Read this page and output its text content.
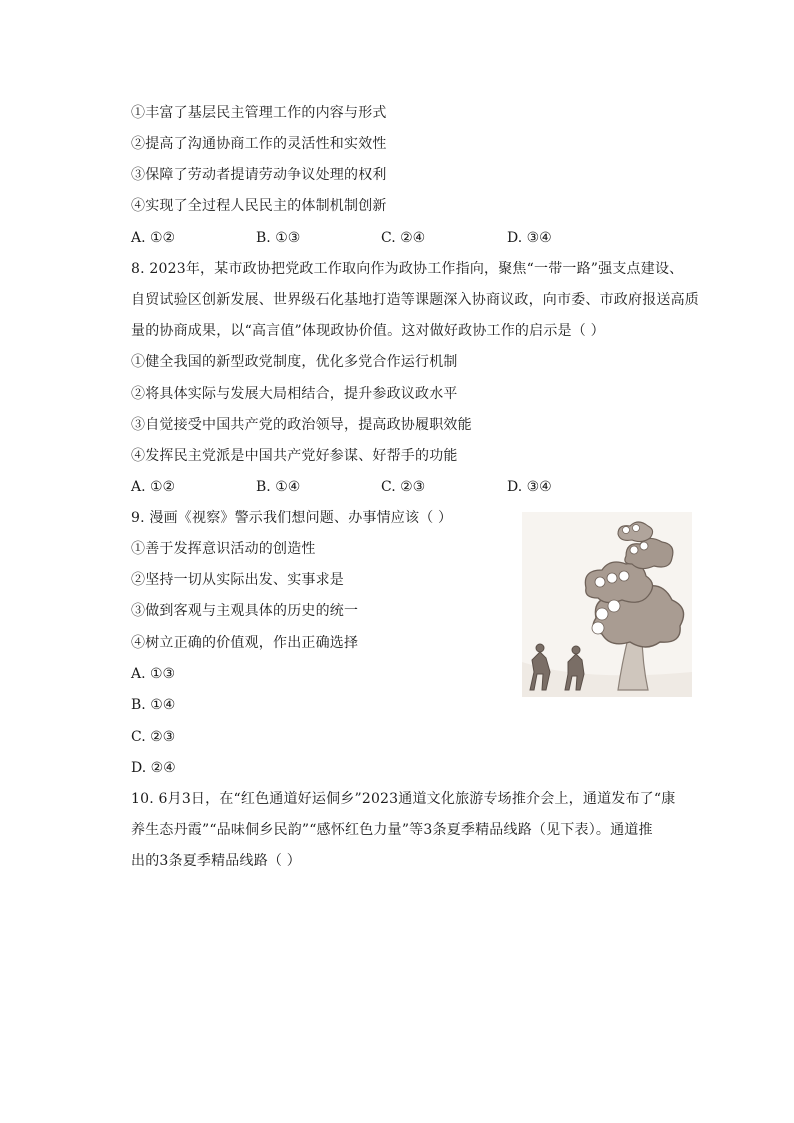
①丰富了基层民主管理工作的内容与形式
②提高了沟通协商工作的灵活性和实效性
③保障了劳动者提请劳动争议处理的权利
④实现了全过程人民民主的体制机制创新
A. ①②	B. ①③	C. ②④	D. ③④
8. 2023年，某市政协把党政工作取向作为政协工作指向，聚焦“一带一路”强支点建设、
自贸试验区创新发展、世界级石化基地打造等课题深入协商议政，向市委、市政府报送高质
量的协商成果，以“高言值”体现政协价值。这对做好政协工作的启示是（ ）
①健全我国的新型政党制度，优化多党合作运行机制
②将具体实际与发展大局相结合，提升参政议政水平
③自觉接受中国共产党的政治领导，提高政协履职效能
④发挥民主党派是中国共产党好参谋、好帮手的功能
A. ①②	B. ①④	C. ②③	D. ③④
9. 漫画《视察》警示我们想问题、办事情应该（ ）
①善于发挥意识活动的创造性
②坚持一切从实际出发、实事求是
③做到客观与主观具体的历史的统一
④树立正确的价值观，作出正确选择
A. ①③
B. ①④
C. ②③
D. ②④
10. 6月3日，在“红色通道好运侗乡”2023通道文化旅游专场推介会上，通道发布了“康
养生态丹霞”“品味侗乡民韵”“感怀红色力量”等3条夏季精品线路（见下表）。通道推
出的3条夏季精品线路（ ）
